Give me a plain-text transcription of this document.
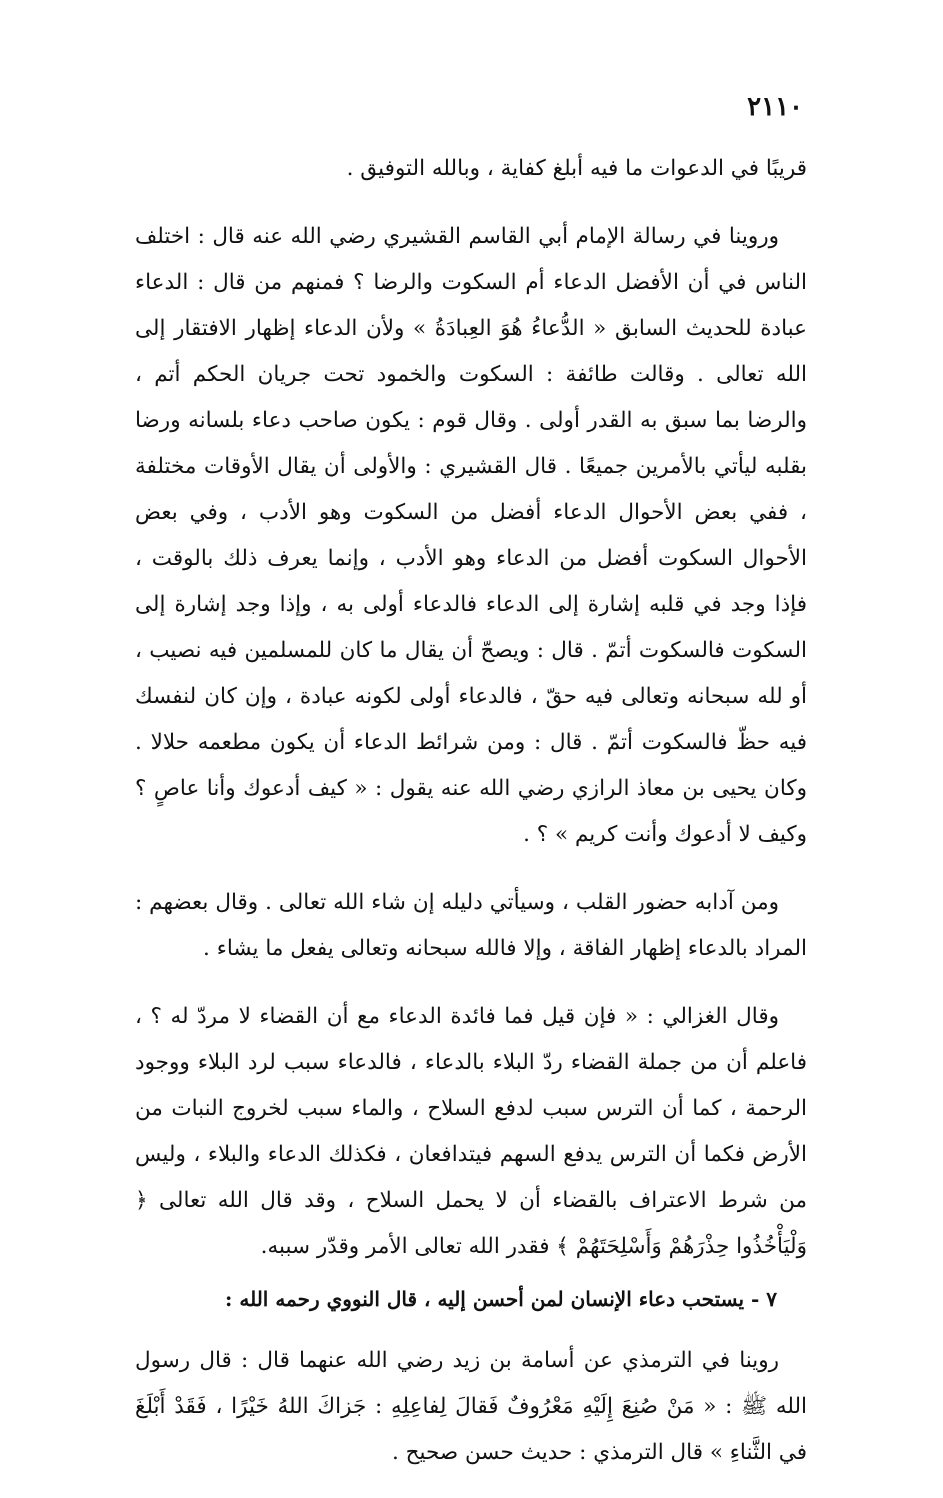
٢١١٠

قريبًا في الدعوات ما فيه أبلغ كفاية ، وبالله التوفيق .

وروينا في رسالة الإمام أبي القاسم القشيري رضي الله عنه قال : اختلف الناس في أن الأفضل الدعاء أم السكوت والرضا ؟ فمنهم من قال : الدعاء عبادة للحديث السابق « الدُّعاءُ هُوَ العِبادَةُ » ولأن الدعاء إظهار الافتقار إلى الله تعالى . وقالت طائفة : السكوت والخمود تحت جريان الحكم أتم ، والرضا بما سبق به القدر أولى . وقال قوم : يكون صاحب دعاء بلسانه ورضا بقلبه ليأتي بالأمرين جميعًا . قال القشيري : والأولى أن يقال الأوقات مختلفة ، ففي بعض الأحوال الدعاء أفضل من السكوت وهو الأدب ، وفي بعض الأحوال السكوت أفضل من الدعاء وهو الأدب ، وإنما يعرف ذلك بالوقت ، فإذا وجد في قلبه إشارة إلى الدعاء فالدعاء أولى به ، وإذا وجد إشارة إلى السكوت فالسكوت أتمّ . قال : ويصحّ أن يقال ما كان للمسلمين فيه نصيب ، أو لله سبحانه وتعالى فيه حقّ ، فالدعاء أولى لكونه عبادة ، وإن كان لنفسك فيه حظّ فالسكوت أتمّ . قال : ومن شرائط الدعاء أن يكون مطعمه حلالا . وكان يحيى بن معاذ الرازي رضي الله عنه يقول : « كيف أدعوك وأنا عاصٍ ؟ وكيف لا أدعوك وأنت كريم » ؟ .

ومن آدابه حضور القلب ، وسيأتي دليله إن شاء الله تعالى . وقال بعضهم : المراد بالدعاء إظهار الفاقة ، وإلا فالله سبحانه وتعالى يفعل ما يشاء .

وقال الغزالي : « فإن قيل فما فائدة الدعاء مع أن القضاء لا مردّ له ؟ ، فاعلم أن من جملة القضاء ردّ البلاء بالدعاء ، فالدعاء سبب لرد البلاء ووجود الرحمة ، كما أن الترس سبب لدفع السلاح ، والماء سبب لخروج النبات من الأرض فكما أن الترس يدفع السهم فيتدافعان ، فكذلك الدعاء والبلاء ، وليس من شرط الاعتراف بالقضاء أن لا يحمل السلاح ، وقد قال الله تعالى ﴿ وَلْيَأْخُذُوا حِذْرَهُمْ وَأَسْلِحَتَهُمْ ﴾ فقدر الله تعالى الأمر وقدّر سببه.

٧ - يستحب دعاء الإنسان لمن أحسن إليه ، قال النووي رحمه الله :

روينا في الترمذي عن أسامة بن زيد رضي الله عنهما قال : قال رسول الله ﷺ : « مَنْ صُنِعَ إِلَيْهِ مَعْرُوفٌ فَقالَ لِفاعِلِهِ : جَزاكَ اللهُ خَيْرًا ، فَقَدْ أَبْلَغَ في الثَّناءِ » قال الترمذي : حديث حسن صحيح .
